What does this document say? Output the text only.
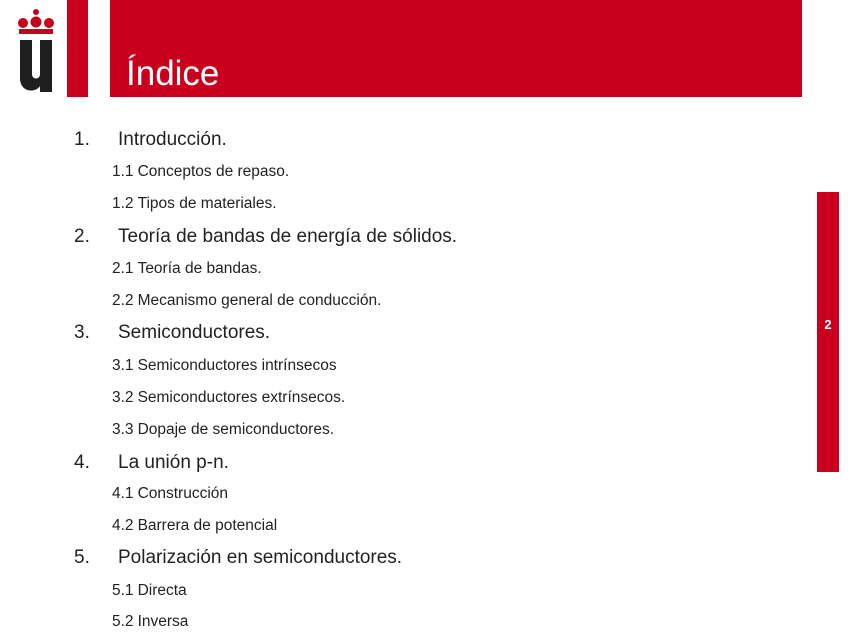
Índice
2
1. Introducción.
1.1 Conceptos de repaso.
1.2 Tipos de materiales.
2. Teoría de bandas de energía de sólidos.
2.1 Teoría de bandas.
2.2 Mecanismo general de conducción.
3. Semiconductores.
3.1 Semiconductores intrínsecos
3.2 Semiconductores extrínsecos.
3.3 Dopaje de semiconductores.
4. La unión p-n.
4.1 Construcción
4.2 Barrera de potencial
5. Polarización en semiconductores.
5.1 Directa
5.2 Inversa
